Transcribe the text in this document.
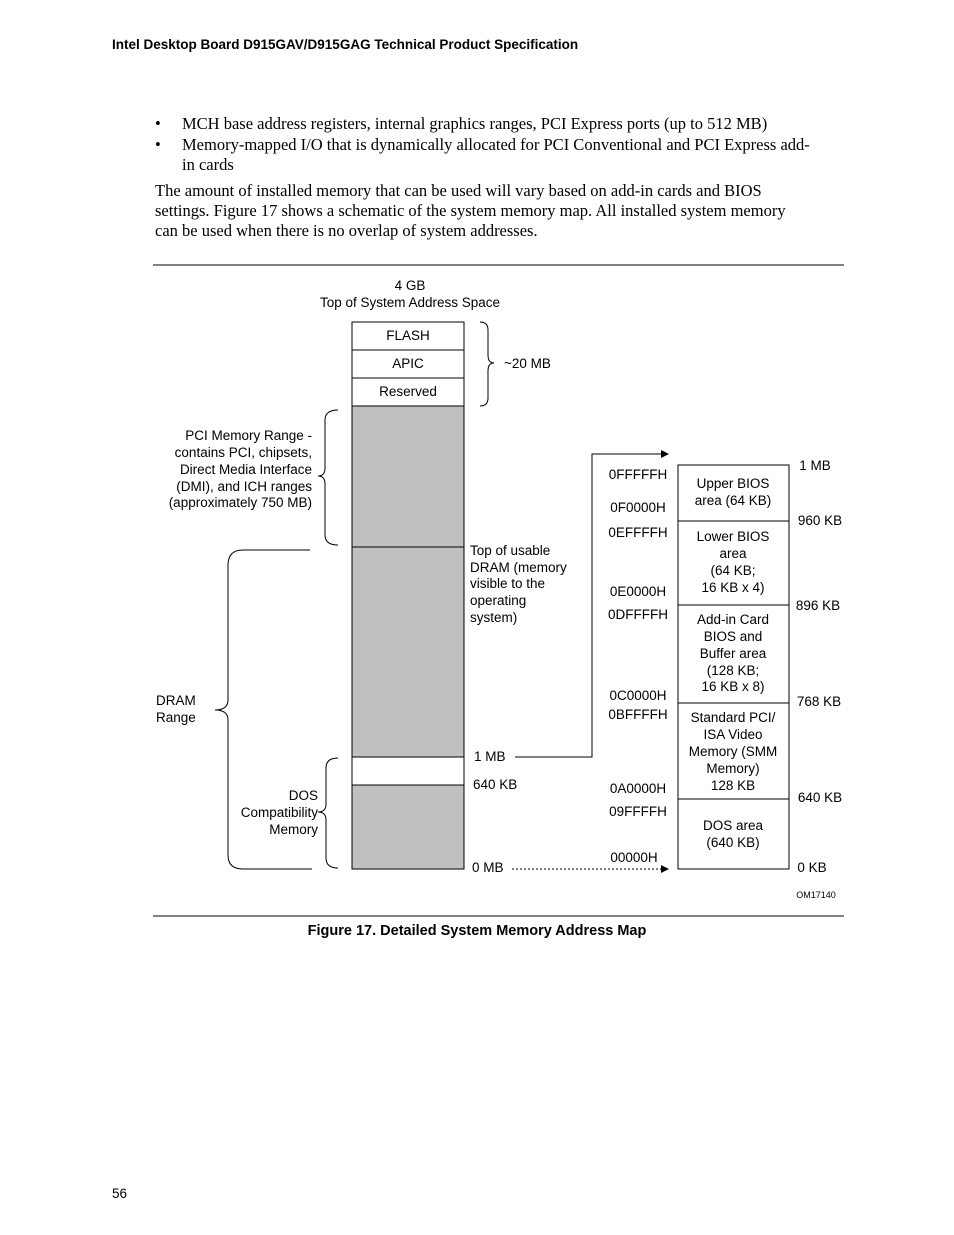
Intel Desktop Board D915GAV/D915GAG Technical Product Specification
•	MCH base address registers, internal graphics ranges, PCI Express ports (up to 512 MB)
•	Memory-mapped I/O that is dynamically allocated for PCI Conventional and PCI Express add-
in cards
The amount of installed memory that can be used will vary based on add-in cards and BIOS
settings. Figure 17 shows a schematic of the system memory map. All installed system memory
can be used when there is no overlap of system addresses.
4 GB
Top of System Address Space
FLASH
APIC
Reserved
~20 MB
PCI Memory Range -
contains PCI, chipsets,
Direct Media Interface
(DMI), and ICH ranges
(approximately 750 MB)
DRAM
Range
DOS
Compatibility
Memory
Top of usable
DRAM (memory
visible to the
operating
system)
1 MB
640 KB
0 MB
0FFFFFH
0F0000H
0EFFFFH
0E0000H
0DFFFFH
0C0000H
0BFFFFH
0A0000H
09FFFFH
00000H
Upper BIOS
area (64 KB)
Lower BIOS
area
(64 KB;
16 KB x 4)
Add-in Card
BIOS and
Buffer area
(128 KB;
16 KB x 8)
Standard PCI/
ISA Video
Memory (SMM
Memory)
128 KB
DOS area
(640 KB)
1 MB
960 KB
896 KB
768 KB
640 KB
0 KB
OM17140
Figure 17. Detailed System Memory Address Map
56
